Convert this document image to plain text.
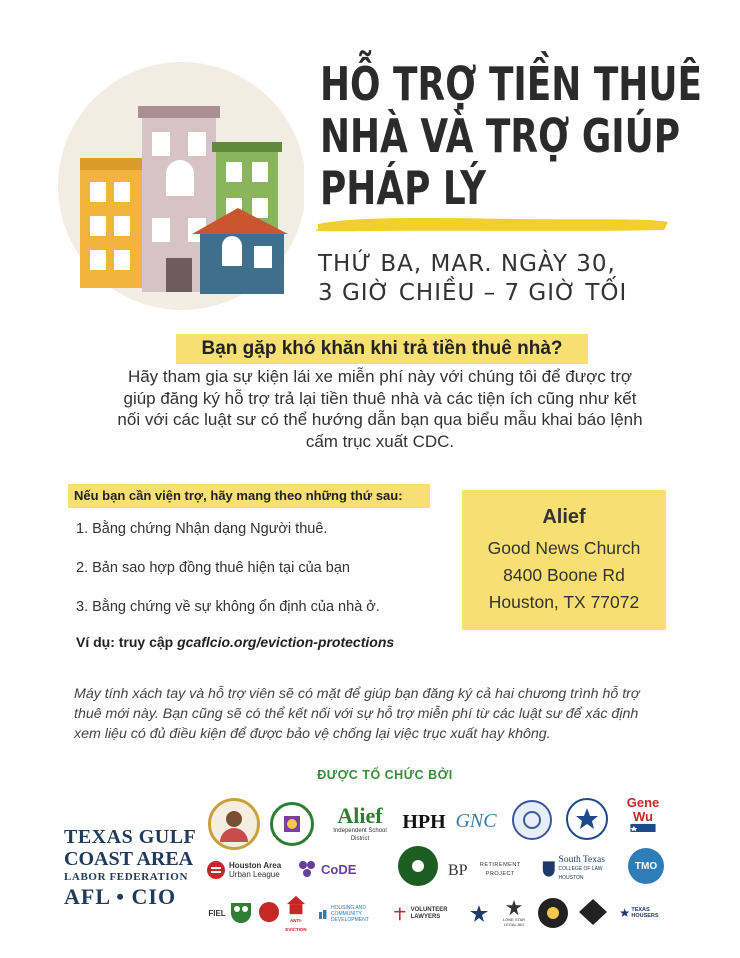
HỖ TRỢ TIỀN THUÊ
NHÀ VÀ TRỢ GIÚP
PHÁP LÝ
THỨ BA, MAR. NGÀY 30,
3 GIỜ CHIỀU – 7 GIỜ TỐI
Bạn gặp khó khăn khi trả tiền thuê nhà?
Hãy tham gia sự kiện lái xe miễn phí này với chúng tôi để được trợ
giúp đăng ký hỗ trợ trả lại tiền thuê nhà và các tiện ích cũng như kết
nối với các luật sư có thể hướng dẫn bạn qua biểu mẫu khai báo lệnh
cấm trục xuất CDC.
Nếu bạn cần viện trợ, hãy mang theo những thứ sau:
1. Bằng chứng Nhận dạng Người thuê.
2. Bản sao hợp đồng thuê hiện tại của bạn
3. Bằng chứng về sự không ổn định của nhà ở.
Ví dụ: truy cập gcaflcio.org/eviction-protections
Alief
Good News Church
8400 Boone Rd
Houston, TX 77072
Máy tính xách tay và hỗ trợ viên sẽ có mặt để giúp bạn đăng ký cả hai chương trình hỗ trợ
thuê mới này. Bạn cũng sẽ có thể kết nối với sự hỗ trợ miễn phí từ các luật sư để xác định
xem liệu có đủ điều kiện để được bảo vệ chống lại việc trục xuất hay không.
ĐƯỢC TỔ CHỨC BỞI
TEXAS GULF
COAST AREA
LABOR FEDERATION
AFL • CIO
Alief
Independent School District
HPH GNC
Gene Wu
Houston Area
Urban League	CoDE	BP	RETIREMENT PROJECT
South Texas
COLLEGE OF LAW HOUSTON
TMO
FIEL
ANTI-EVICTION
HOUSING AND COMMUNITY DEVELOPMENT
VOLUNTEER LAWYERS	LONE STAR LEGAL AID
TEXAS HOUSERS
